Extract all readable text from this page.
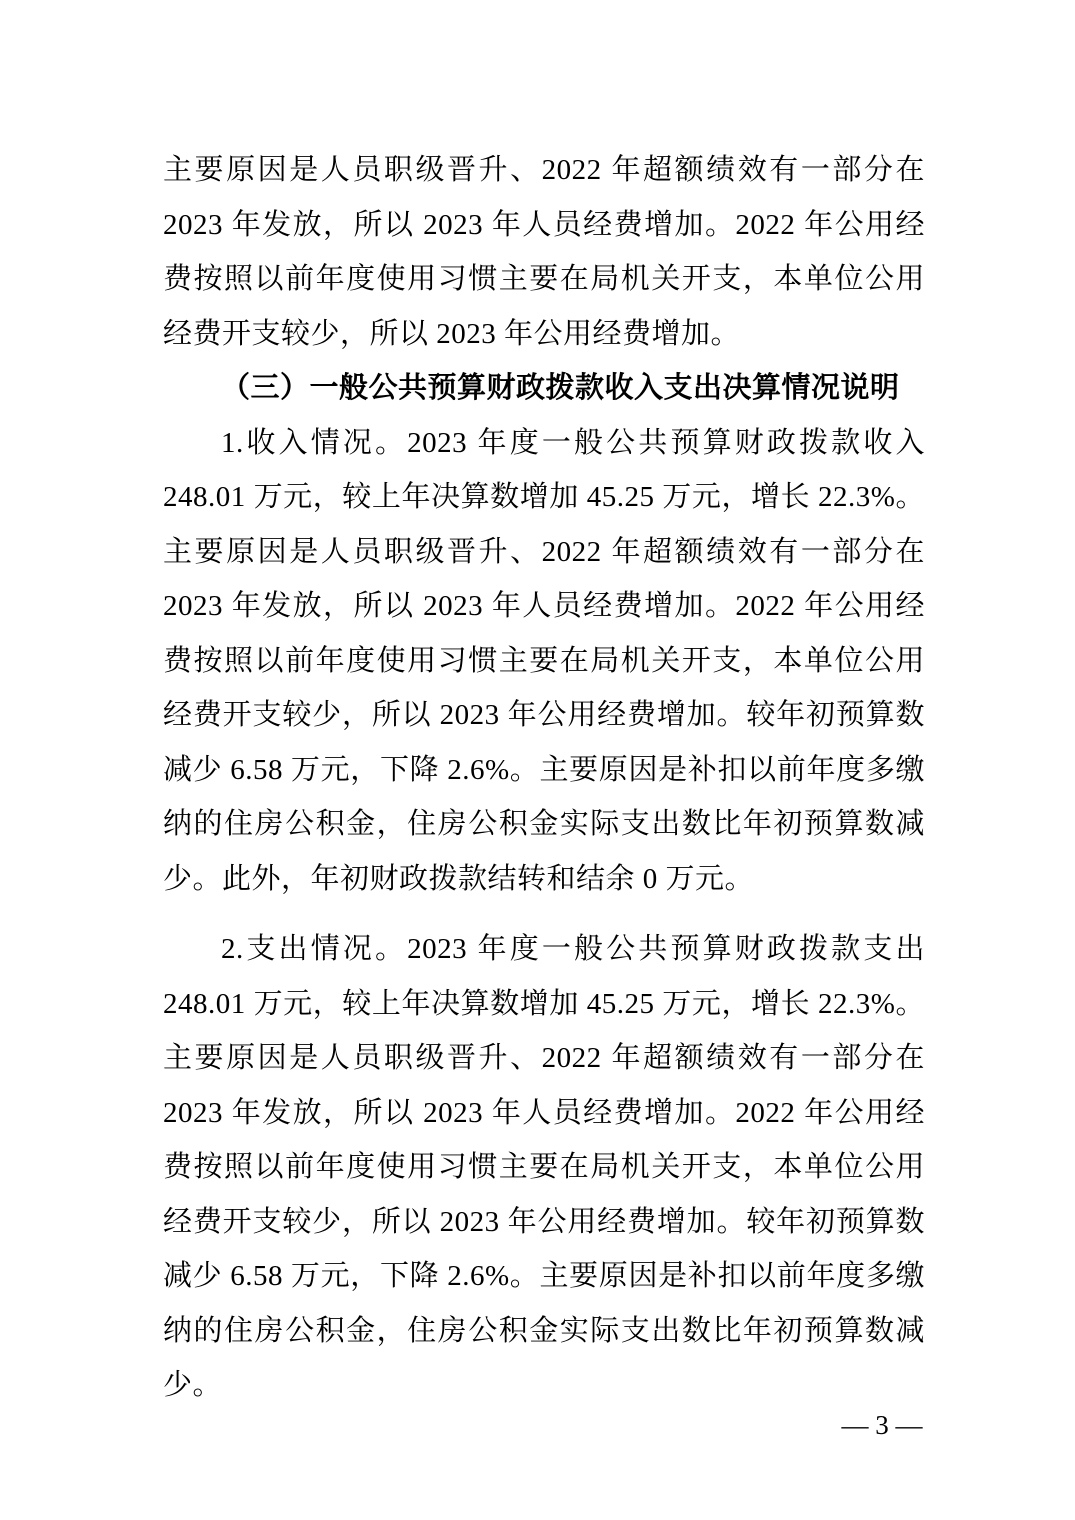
主要原因是人员职级晋升、2022 年超额绩效有一部分在 2023 年发放，所以 2023 年人员经费增加。2022 年公用经费按照以前年度使用习惯主要在局机关开支，本单位公用经费开支较少，所以 2023 年公用经费增加。

（三）一般公共预算财政拨款收入支出决算情况说明

1.收入情况。2023 年度一般公共预算财政拨款收入 248.01 万元，较上年决算数增加 45.25 万元，增长 22.3%。主要原因是人员职级晋升、2022 年超额绩效有一部分在 2023 年发放，所以 2023 年人员经费增加。2022 年公用经费按照以前年度使用习惯主要在局机关开支，本单位公用经费开支较少，所以 2023 年公用经费增加。较年初预算数减少 6.58 万元，下降 2.6%。主要原因是补扣以前年度多缴纳的住房公积金，住房公积金实际支出数比年初预算数减少。此外，年初财政拨款结转和结余 0 万元。

2.支出情况。2023 年度一般公共预算财政拨款支出 248.01 万元，较上年决算数增加 45.25 万元，增长 22.3%。主要原因是人员职级晋升、2022 年超额绩效有一部分在 2023 年发放，所以 2023 年人员经费增加。2022 年公用经费按照以前年度使用习惯主要在局机关开支，本单位公用经费开支较少，所以 2023 年公用经费增加。较年初预算数减少 6.58 万元，下降 2.6%。主要原因是补扣以前年度多缴纳的住房公积金，住房公积金实际支出数比年初预算数减少。

— 3 —
